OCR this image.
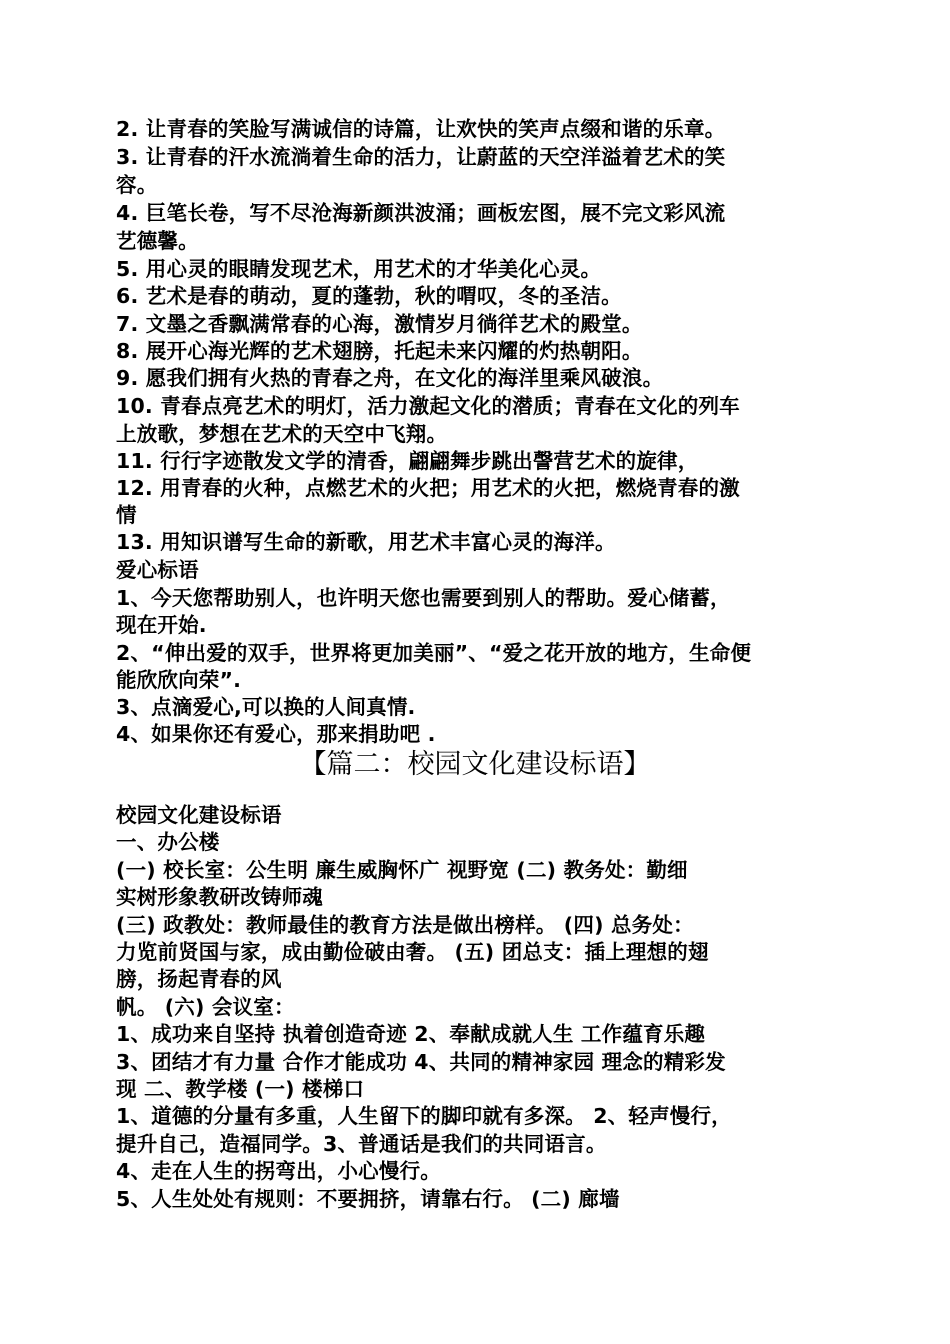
2. 让青春的笑脸写满诚信的诗篇，让欢快的笑声点缀和谐的乐章。
3. 让青春的汗水流淌着生命的活力，让蔚蓝的天空洋溢着艺术的笑
容。
4. 巨笔长卷，写不尽沧海新颜洪波涌；画板宏图，展不完文彩风流
艺德馨。
5. 用心灵的眼睛发现艺术，用艺术的才华美化心灵。
6. 艺术是春的萌动，夏的蓬勃，秋的喟叹，冬的圣洁。
7. 文墨之香飘满常春的心海，激情岁月徜徉艺术的殿堂。
8. 展开心海光辉的艺术翅膀，托起未来闪耀的灼热朝阳。
9. 愿我们拥有火热的青春之舟，在文化的海洋里乘风破浪。
10. 青春点亮艺术的明灯，活力激起文化的潜质；青春在文化的列车
上放歌，梦想在艺术的天空中飞翔。
11. 行行字迹散发文学的清香，翩翩舞步跳出謦营艺术的旋律，
12. 用青春的火种，点燃艺术的火把；用艺术的火把，燃烧青春的激
情
13. 用知识谱写生命的新歌，用艺术丰富心灵的海洋。
爱心标语
1、今天您帮助别人，也许明天您也需要到别人的帮助。爱心储蓄，
现在开始.
2、“伸出爱的双手，世界将更加美丽”、“爱之花开放的地方，生命便
能欣欣向荣”.
3、点滴爱心,可以换的人间真情.
4、如果你还有爱心，那来捐助吧 .
【篇二：校园文化建设标语】
校园文化建设标语
一、办公楼
(一) 校长室：公生明 廉生威胸怀广 视野宽 (二) 教务处：勤细
实树形象教研改铸师魂
(三) 政教处：教师最佳的教育方法是做出榜样。 (四) 总务处：
力览前贤国与家，成由勤俭破由奢。 (五) 团总支：插上理想的翅
膀，扬起青春的风
帆。 (六) 会议室：
1、成功来自坚持 执着创造奇迹 2、奉献成就人生 工作蕴育乐趣
3、团结才有力量 合作才能成功 4、共同的精神家园 理念的精彩发
现 二、教学楼 (一) 楼梯口
1、道德的分量有多重，人生留下的脚印就有多深。 2、轻声慢行，
提升自己，造福同学。3、普通话是我们的共同语言。
4、走在人生的拐弯出，小心慢行。
5、人生处处有规则：不要拥挤，请靠右行。 (二) 廊墙
